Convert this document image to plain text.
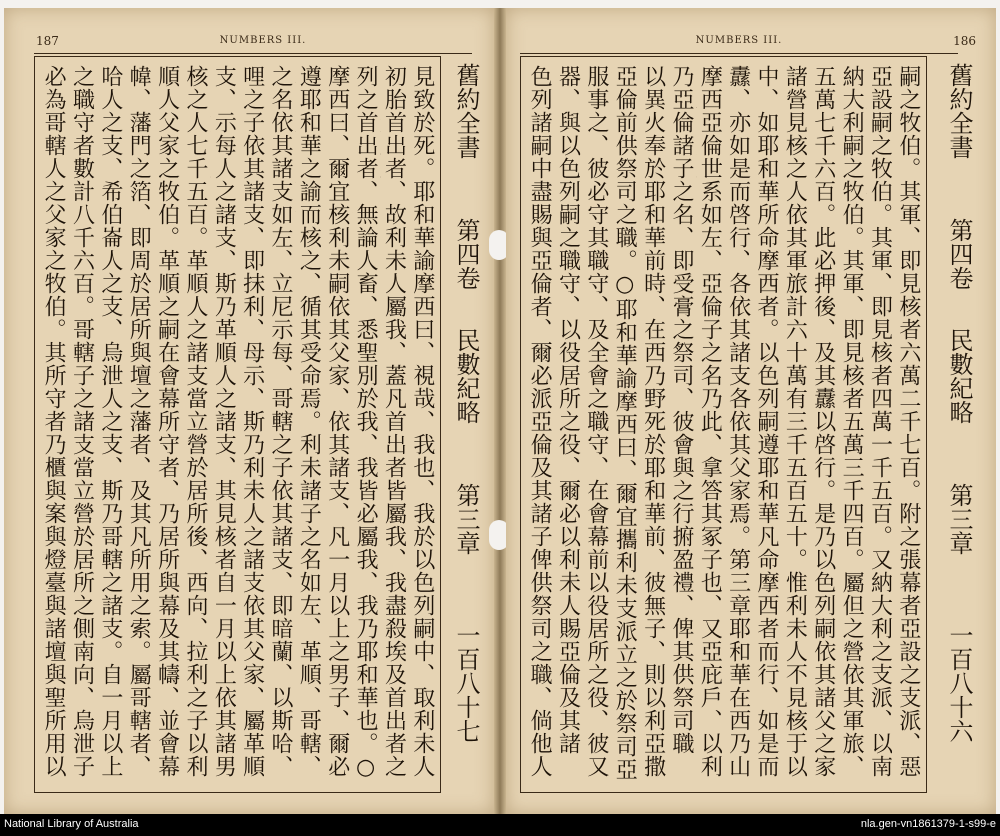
187	NUMBERS III.
見致於死。耶和華諭摩西曰、視哉、我也、我於以色列嗣中、取利未人
初胎首出者、故利未人屬我、蓋凡首出者皆屬我、我盡殺埃及首出者之
列之首出者、無論人畜、悉聖別於我、我皆必屬我、我乃耶和華也。○
摩西曰、爾宜核利未嗣依其父家、依其諸支、凡一月以上之男子、爾必
遵耶和華之諭而核之、循其受命焉。利未諸子之名如左、革順、哥轄、
之名依其諸支如左、立尼示每、哥轄之子依其諸支、即暗蘭、以斯哈、
哩之子依其諸支、即抹利、母示、斯乃利未人之諸支依其父家、屬革順
支、示每人之諸支、斯乃革順人之諸支、其見核者自一月以上依其諸男
核之人七千五百。革順人之諸支當立營於居所後、西向、拉利之子以利
順人父家之牧伯。革順之嗣在會幕所守者、乃居所與幕及其幬、並會幕
幃、藩門之箔、即周於居所與壇之藩者、及其凡所用之索。屬哥轄者、
哈人之支、希伯崙人之支、烏泄人之支、斯乃哥轄之諸支。自一月以上
之職守者數計八千六百。哥轄子之諸支當立營於居所之側南向、烏泄子
必為哥轄人之父家之牧伯。其所守者乃櫃與案與燈臺與諸壇與聖所用以
舊約全書
第四卷
民數紀略
第三章
一百八十七
NUMBERS III.	186
嗣之牧伯。其軍、即見核者六萬二千七百。附之張幕者亞設之支派、惡
亞設嗣之牧伯。其軍、即見核者四萬一千五百。又納大利之支派、以南
納大利嗣之牧伯。其軍、即見核者五萬三千四百。屬但之營依其軍旅、
五萬七千六百。此必押後、及其纛以啓行。是乃以色列嗣依其諸父之家
諸營見核之人依其軍旅計六十萬有三千五百五十。惟利未人不見核于以
中、如耶和華所命摩西者。以色列嗣遵耶和華凡命摩西者而行、如是而
纛、亦如是而啓行、各依其諸支各依其父家焉。第三章耶和華在西乃山
摩西亞倫世系如左、亞倫子之名乃此、拿答其冢子也、又亞庇戶、以利
乃亞倫諸子之名、即受膏之祭司、彼會與之行捬盈禮、俾其供祭司職
以異火奉於耶和華前時、在西乃野死於耶和華前、彼無子、則以利亞撒
亞倫前供祭司之職。○耶和華諭摩西曰、爾宜攜利未支派立之於祭司亞
服事之、彼必守其職守、及全會之職守、在會幕前以役居所之役、彼又
器、與以色列嗣之職守、以役居所之役、爾必以利未人賜亞倫及其諸
色列諸嗣中盡賜與亞倫者、爾必派亞倫及其諸子俾供祭司之職、倘他人
舊約全書
第四卷
民數紀略
第三章
一百八十六
National Library of Australia	nla.gen-vn1861379-1-s99-e
